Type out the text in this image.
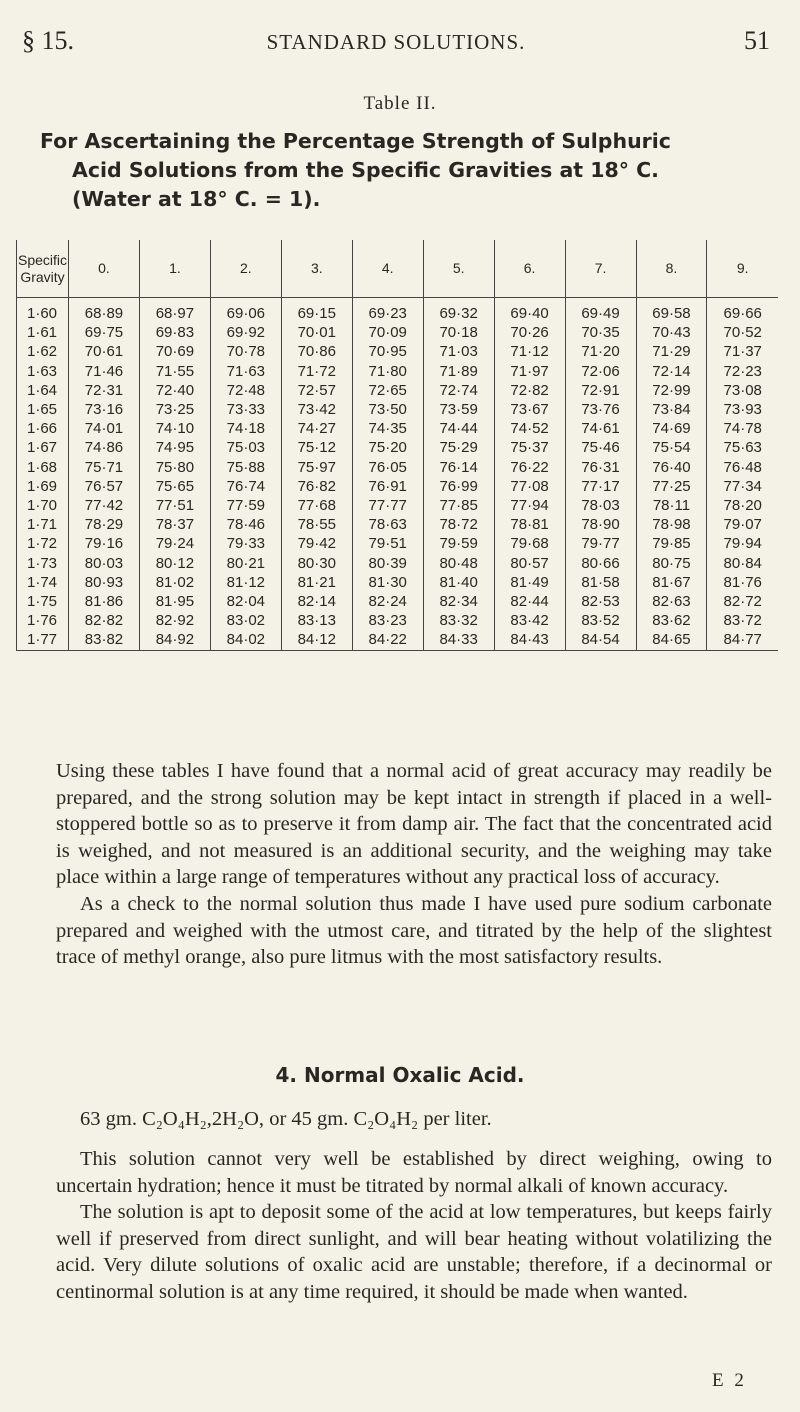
§ 15.	STANDARD SOLUTIONS.	51
Table II.
For Ascertaining the Percentage Strength of Sulphuric
Acid Solutions from the Specific Gravities at 18° C.
(Water at 18° C. = 1).
Specific Gravity	0.	1.	2.	3.	4.	5.	6.	7.	8.	9.
1·60	68·89	68·97	69·06	69·15	69·23	69·32	69·40	69·49	69·58	69·66
1·61	69·75	69·83	69·92	70·01	70·09	70·18	70·26	70·35	70·43	70·52
1·62	70·61	70·69	70·78	70·86	70·95	71·03	71·12	71·20	71·29	71·37
1·63	71·46	71·55	71·63	71·72	71·80	71·89	71·97	72·06	72·14	72·23
1·64	72·31	72·40	72·48	72·57	72·65	72·74	72·82	72·91	72·99	73·08
1·65	73·16	73·25	73·33	73·42	73·50	73·59	73·67	73·76	73·84	73·93
1·66	74·01	74·10	74·18	74·27	74·35	74·44	74·52	74·61	74·69	74·78
1·67	74·86	74·95	75·03	75·12	75·20	75·29	75·37	75·46	75·54	75·63
1·68	75·71	75·80	75·88	75·97	76·05	76·14	76·22	76·31	76·40	76·48
1·69	76·57	75·65	76·74	76·82	76·91	76·99	77·08	77·17	77·25	77·34
1·70	77·42	77·51	77·59	77·68	77·77	77·85	77·94	78·03	78·11	78·20
1·71	78·29	78·37	78·46	78·55	78·63	78·72	78·81	78·90	78·98	79·07
1·72	79·16	79·24	79·33	79·42	79·51	79·59	79·68	79·77	79·85	79·94
1·73	80·03	80·12	80·21	80·30	80·39	80·48	80·57	80·66	80·75	80·84
1·74	80·93	81·02	81·12	81·21	81·30	81·40	81·49	81·58	81·67	81·76
1·75	81·86	81·95	82·04	82·14	82·24	82·34	82·44	82·53	82·63	82·72
1·76	82·82	82·92	83·02	83·13	83·23	83·32	83·42	83·52	83·62	83·72
1·77	83·82	84·92	84·02	84·12	84·22	84·33	84·43	84·54	84·65	84·77

Using these tables I have found that a normal acid of great accuracy may readily be prepared, and the strong solution may be kept intact in strength if placed in a well-stoppered bottle so as to preserve it from damp air. The fact that the concentrated acid is weighed, and not measured is an additional security, and the weighing may take place within a large range of temperatures without any practical loss of accuracy.

As a check to the normal solution thus made I have used pure sodium carbonate prepared and weighed with the utmost care, and titrated by the help of the slightest trace of methyl orange, also pure litmus with the most satisfactory results.

4. Normal Oxalic Acid.
63 gm. C₂O₄H₂,2H₂O, or 45 gm. C₂O₄H₂ per liter.

This solution cannot very well be established by direct weighing, owing to uncertain hydration; hence it must be titrated by normal alkali of known accuracy.

The solution is apt to deposit some of the acid at low temperatures, but keeps fairly well if preserved from direct sunlight, and will bear heating without volatilizing the acid. Very dilute solutions of oxalic acid are unstable; therefore, if a decinormal or centinormal solution is at any time required, it should be made when wanted.

E 2
